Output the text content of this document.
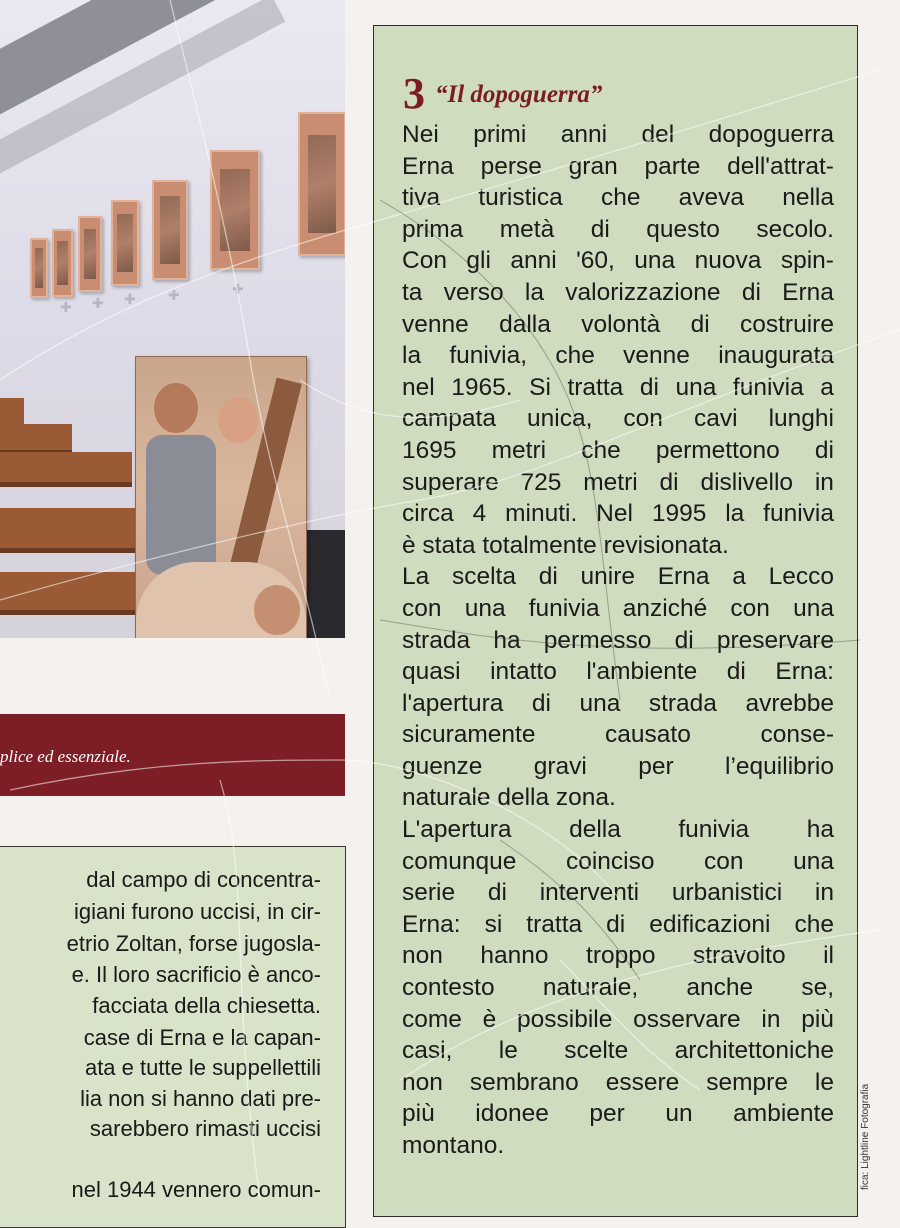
✚ ✚ ✚ ✚	✚
plice ed essenziale.
dal campo di concentra-
igiani furono uccisi, in cir-
etrio Zoltan, forse jugosla-
e. Il loro sacrificio è anco-
facciata della chiesetta.
case di Erna e la capan-
ata e tutte le suppellettili
lia non si hanno dati pre-
sarebbero rimasti uccisi
nel 1944 vennero comun-
3 “Il dopoguerra”
Nei primi anni del dopoguerra
Erna perse gran parte dell'attrat-
tiva turistica che aveva nella
prima metà di questo secolo.
Con gli anni '60, una nuova spin-
ta verso la valorizzazione di Erna
venne dalla volontà di costruire
la funivia, che venne inaugurata
nel 1965. Si tratta di una funivia a
campata unica, con cavi lunghi
1695 metri che permettono di
superare 725 metri di dislivello in
circa 4 minuti. Nel 1995 la funivia
è stata totalmente revisionata.
La scelta di unire Erna a Lecco
con una funivia anziché con una
strada ha permesso di preservare
quasi intatto l'ambiente di Erna:
l'apertura di una strada avrebbe
sicuramente	causato	conse-
guenze gravi per l’equilibrio
naturale della zona.
L'apertura della funivia ha
comunque coinciso con una
serie di interventi urbanistici in
Erna: si tratta di edificazioni che
non hanno troppo stravolto il
contesto naturale, anche se,
come è possibile osservare in più
casi, le scelte architettoniche
non sembrano essere sempre le
più idonee per un ambiente
montano.	fica: Lightline Fotografia
